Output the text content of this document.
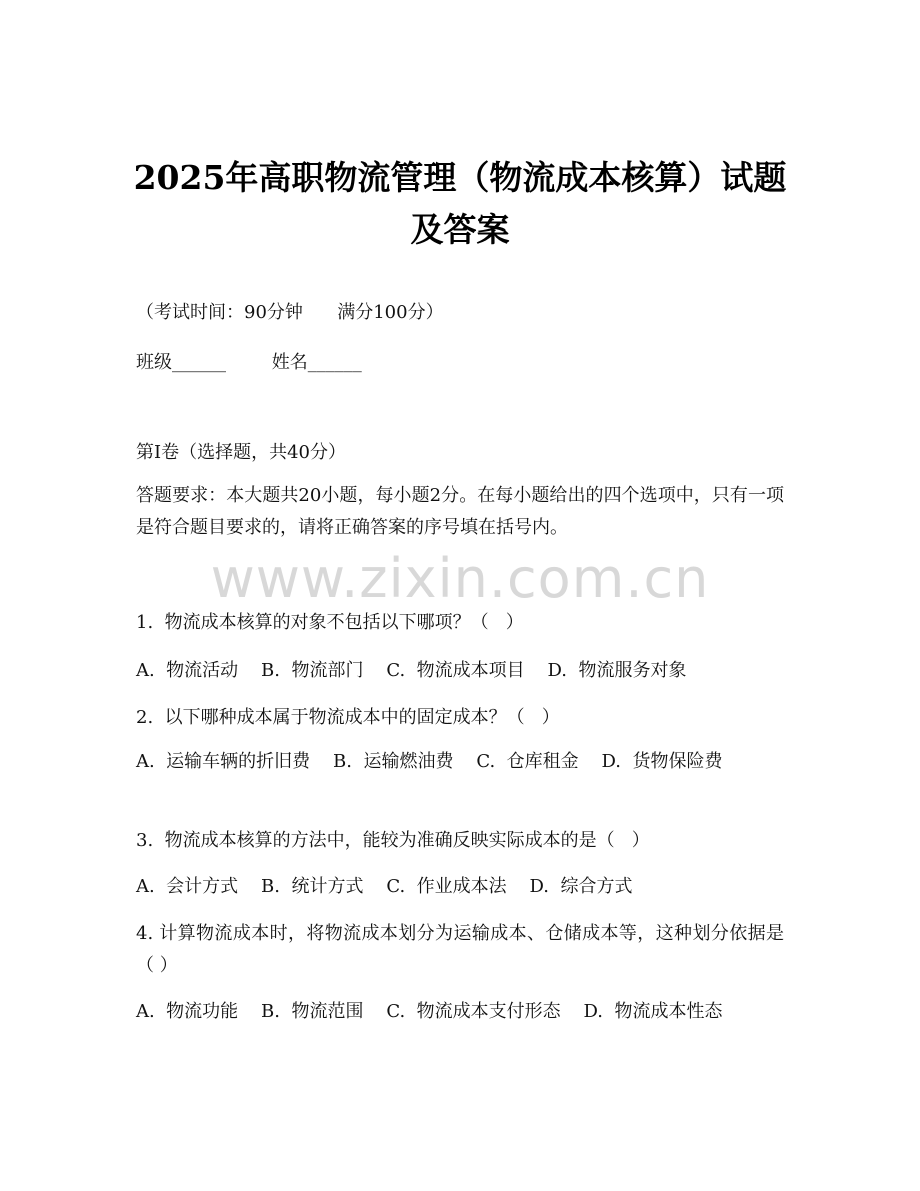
2025年高职物流管理（物流成本核算）试题
及答案
（考试时间：90分钟      满分100分）
班级______	姓名______
第I卷（选择题，共40分）
答题要求：本大题共20小题，每小题2分。在每小题给出的四个选项中，只有一项是符合题目要求的，请将正确答案的序号填在括号内。
www.zixin.com.cn
1.  物流成本核算的对象不包括以下哪项？（   ）
A.  物流活动    B.  物流部门    C.  物流成本项目    D.  物流服务对象
2.  以下哪种成本属于物流成本中的固定成本？（   ）
A.  运输车辆的折旧费    B.  运输燃油费    C.  仓库租金    D.  货物保险费
3.  物流成本核算的方法中，能较为准确反映实际成本的是（   ）
A.  会计方式    B.  统计方式    C.  作业成本法    D.  综合方式
4. 计算物流成本时，将物流成本划分为运输成本、仓储成本等，这种划分依据是（ ）
A.  物流功能    B.  物流范围    C.  物流成本支付形态    D.  物流成本性态
